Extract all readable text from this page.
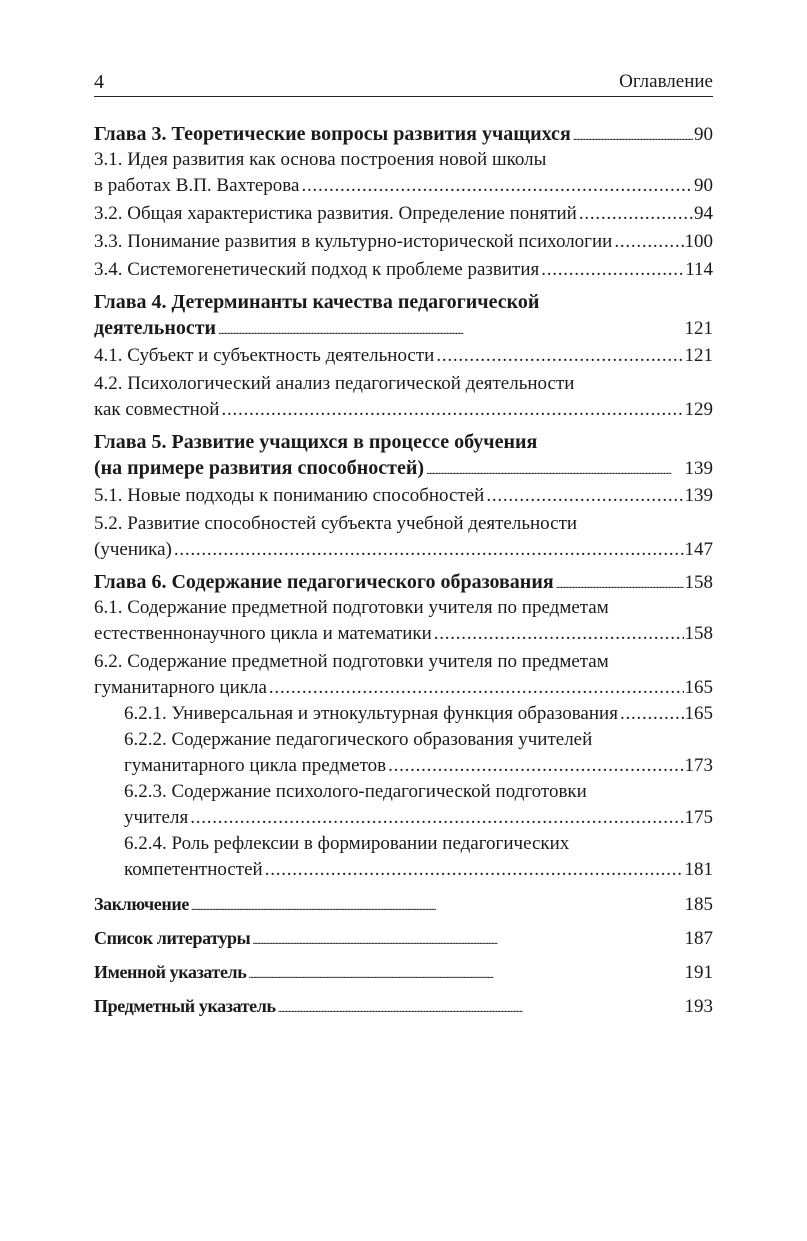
4	Оглавление
Глава 3. Теоретические вопросы развития учащихся . . .	90
3.1. Идея развития как основа построения новой школы
в работах В.П. Вахтерова . . .	90
3.2. Общая характеристика развития. Определение понятий . . .	94
3.3. Понимание развития в культурно-исторической психологии . . .	100
3.4. Системогенетический подход к проблеме развития . . .	114
Глава 4. Детерминанты качества педагогической
деятельности . . .	121
4.1. Субъект и субъектность деятельности . . .	121
4.2. Психологический анализ педагогической деятельности
как совместной . . .	129
Глава 5. Развитие учащихся в процессе обучения
(на примере развития способностей) . . .	139
5.1. Новые подходы к пониманию способностей . . .	139
5.2. Развитие способностей субъекта учебной деятельности
(ученика) . . .	147
Глава 6. Содержание педагогического образования . . .	158
6.1. Содержание предметной подготовки учителя по предметам
естественнонаучного цикла и математики . . .	158
6.2. Содержание предметной подготовки учителя по предметам
гуманитарного цикла . . .	165
6.2.1. Универсальная и этнокультурная функция образования . . .	165
6.2.2. Содержание педагогического образования учителей
гуманитарного цикла предметов . . .	173
6.2.3. Содержание психолого-педагогической подготовки
учителя . . .	175
6.2.4. Роль рефлексии в формировании педагогических
компетентностей . . .	181
Заключение . . .	185
Список литературы . . .	187
Именной указатель . . .	191
Предметный указатель . . .	193
